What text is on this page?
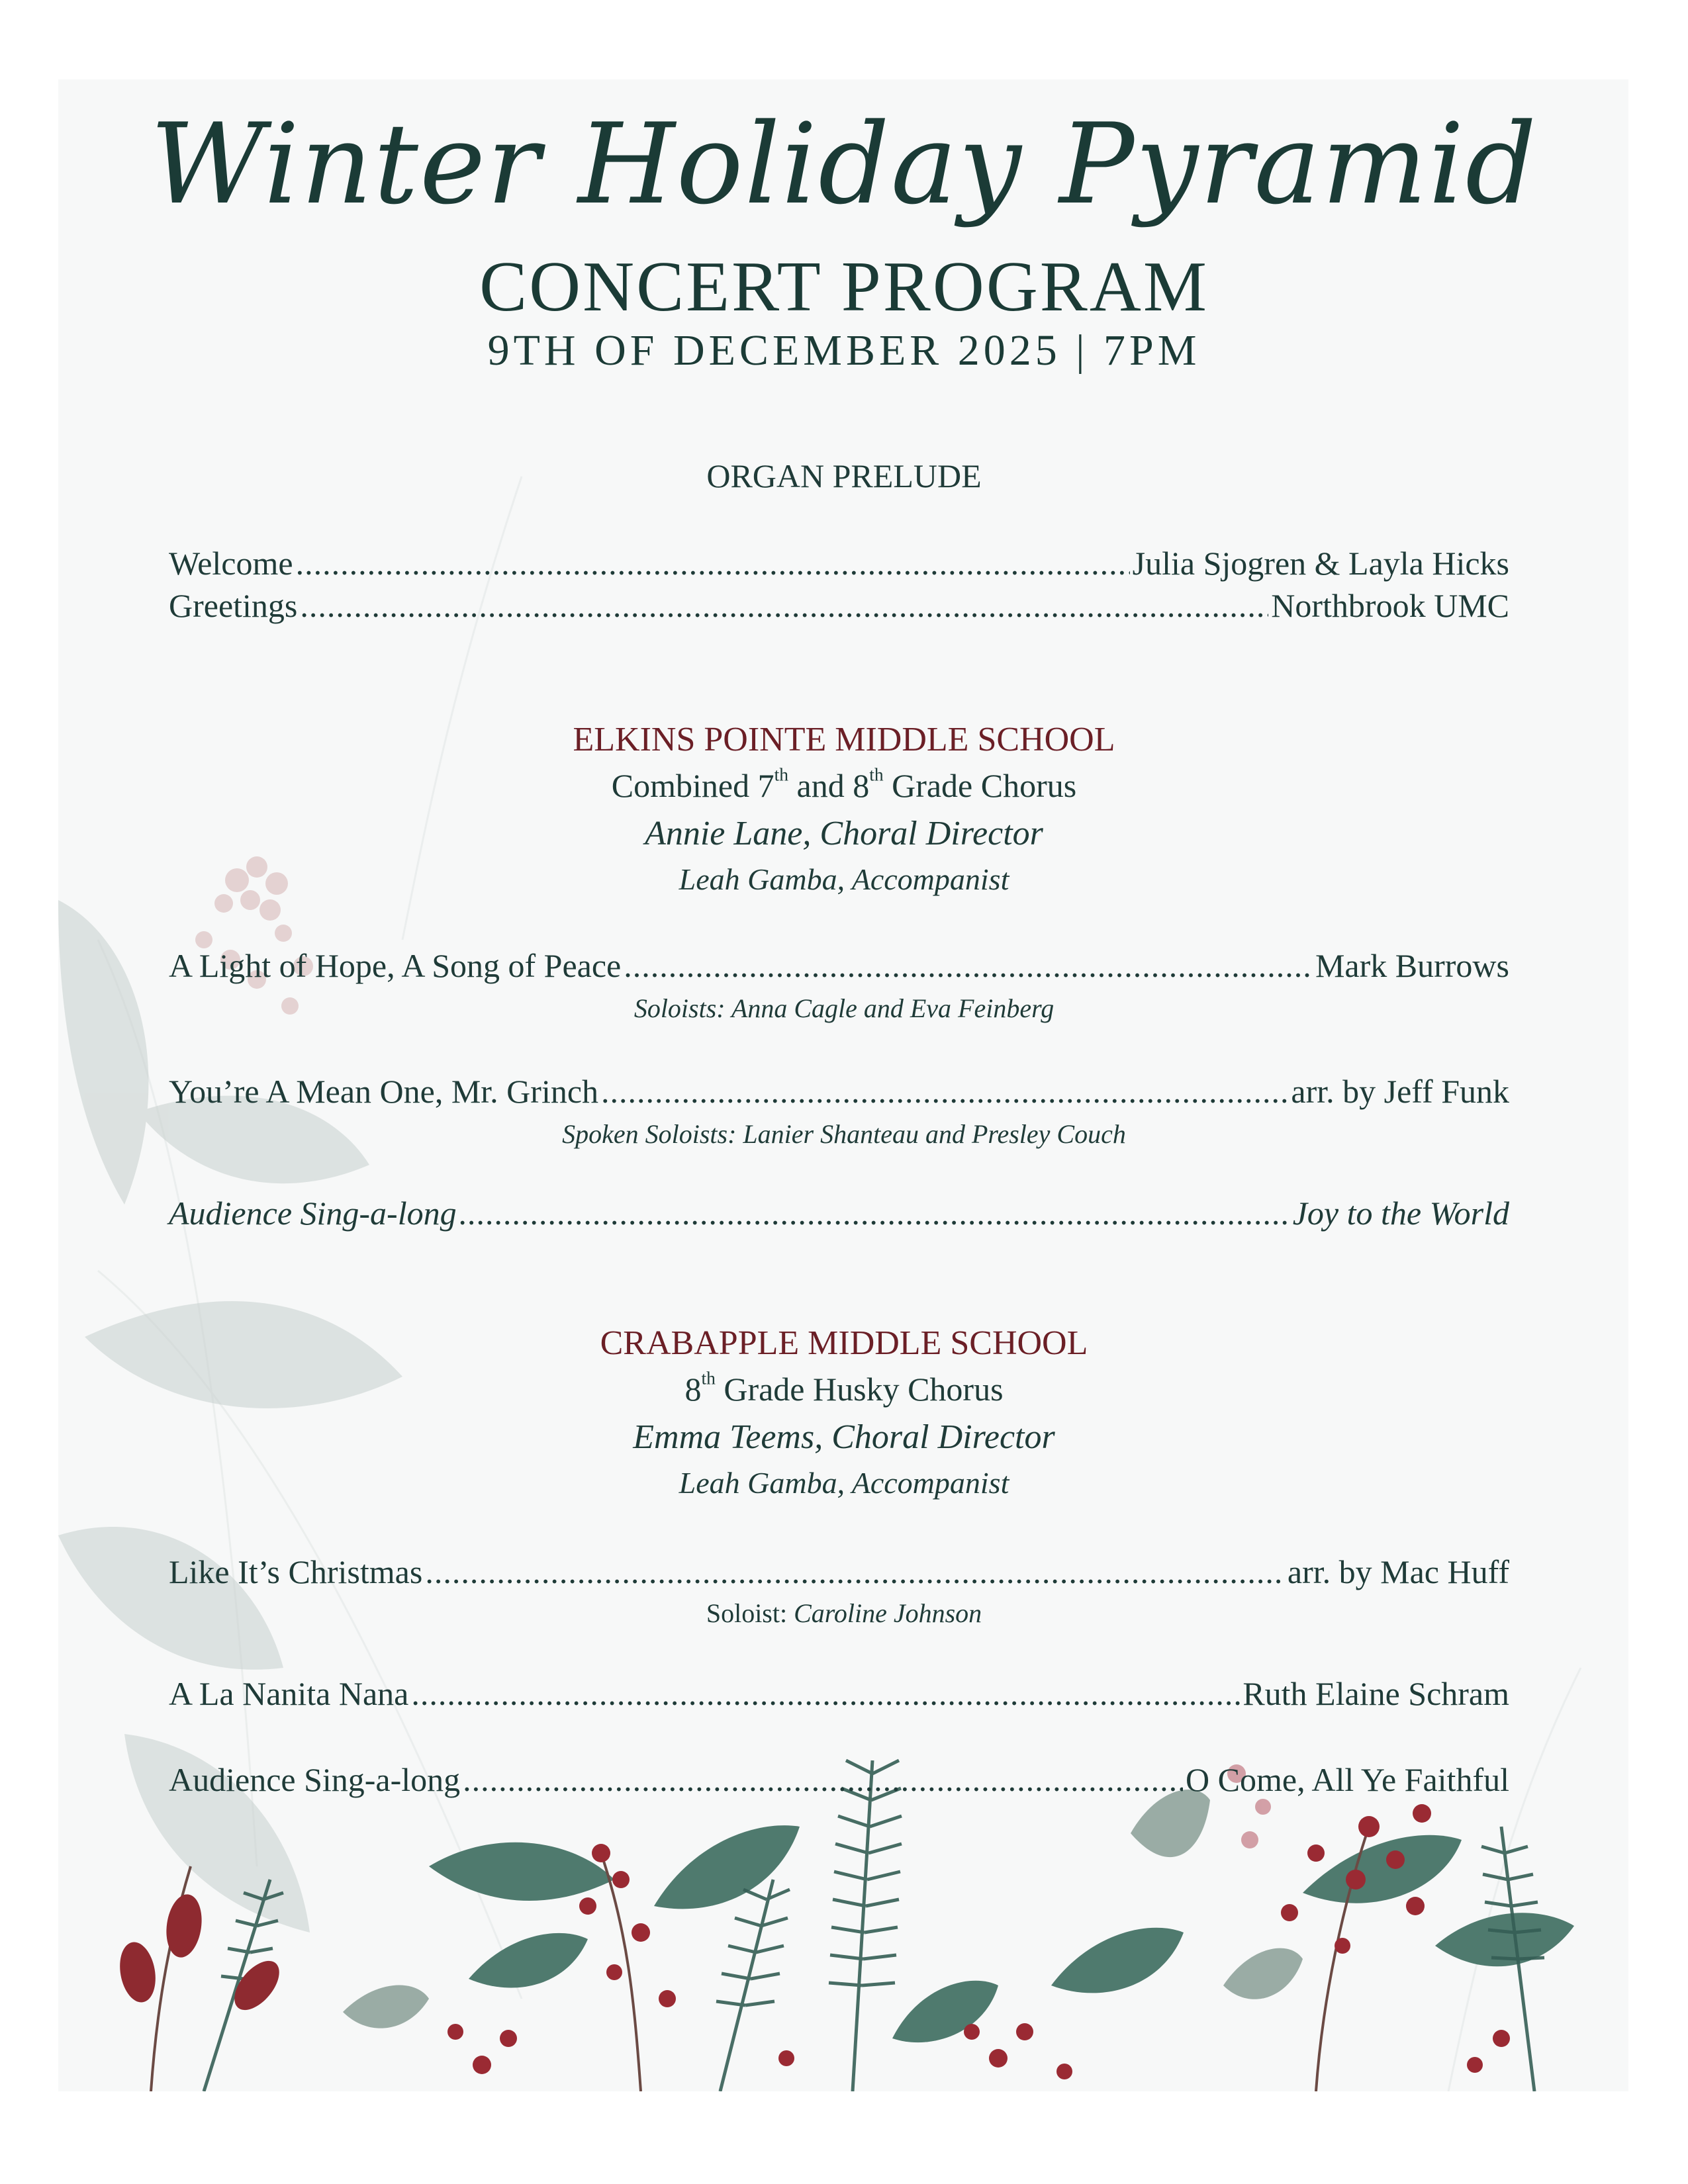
Winter Holiday Pyramid
CONCERT PROGRAM
9TH OF DECEMBER 2025 | 7PM
ORGAN PRELUDE
Welcome .....	Julia Sjogren & Layla Hicks
Greetings .....	Northbrook UMC
ELKINS POINTE MIDDLE SCHOOL
Combined 7th and 8th Grade Chorus
Annie Lane, Choral Director
Leah Gamba, Accompanist
A Light of Hope, A Song of Peace .....	Mark Burrows
Soloists: Anna Cagle and Eva Feinberg
You’re A Mean One, Mr. Grinch .....	arr. by Jeff Funk
Spoken Soloists: Lanier Shanteau and Presley Couch
Audience Sing-a-long .....	Joy to the World
CRABAPPLE MIDDLE SCHOOL
8th Grade Husky Chorus
Emma Teems, Choral Director
Leah Gamba, Accompanist
Like It’s Christmas .....	arr. by Mac Huff
Soloist: Caroline Johnson
A La Nanita Nana .....	Ruth Elaine Schram
Audience Sing-a-long .....	O Come, All Ye Faithful
